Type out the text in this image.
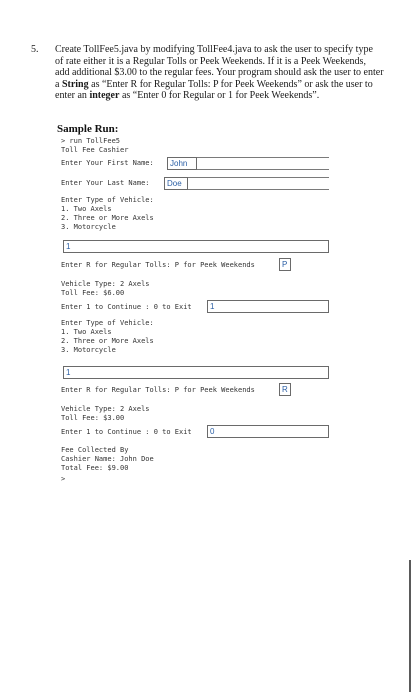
5. Create TollFee5.java by modifying TollFee4.java to ask the user to specify type
of rate either it is a Regular Tolls or Peek Weekends. If it is a Peek Weekends,
add additional $3.00 to the regular fees. Your program should ask the user to enter
a String as “Enter R for Regular Tolls: P for Peek Weekends” or ask the user to
enter an integer as “Enter 0 for Regular or 1 for Peek Weekends”.
Sample Run:
> run TollFee5
Toll Fee Cashier
Enter Your First Name:	John
Enter Your Last Name:	Doe
Enter Type of Vehicle:
1. Two Axels
2. Three or More Axels
3. Motorcycle
1
Enter R for Regular Tolls: P for Peek Weekends	P
Vehicle Type: 2 Axels
Toll Fee: $6.00
Enter 1 to Continue : 0 to Exit	1
Enter Type of Vehicle:
1. Two Axels
2. Three or More Axels
3. Motorcycle
1
Enter R for Regular Tolls: P for Peek Weekends	R
Vehicle Type: 2 Axels
Toll Fee: $3.00
Enter 1 to Continue : 0 to Exit	0
Fee Collected By
Cashier Name: John Doe
Total Fee: $9.00
>
